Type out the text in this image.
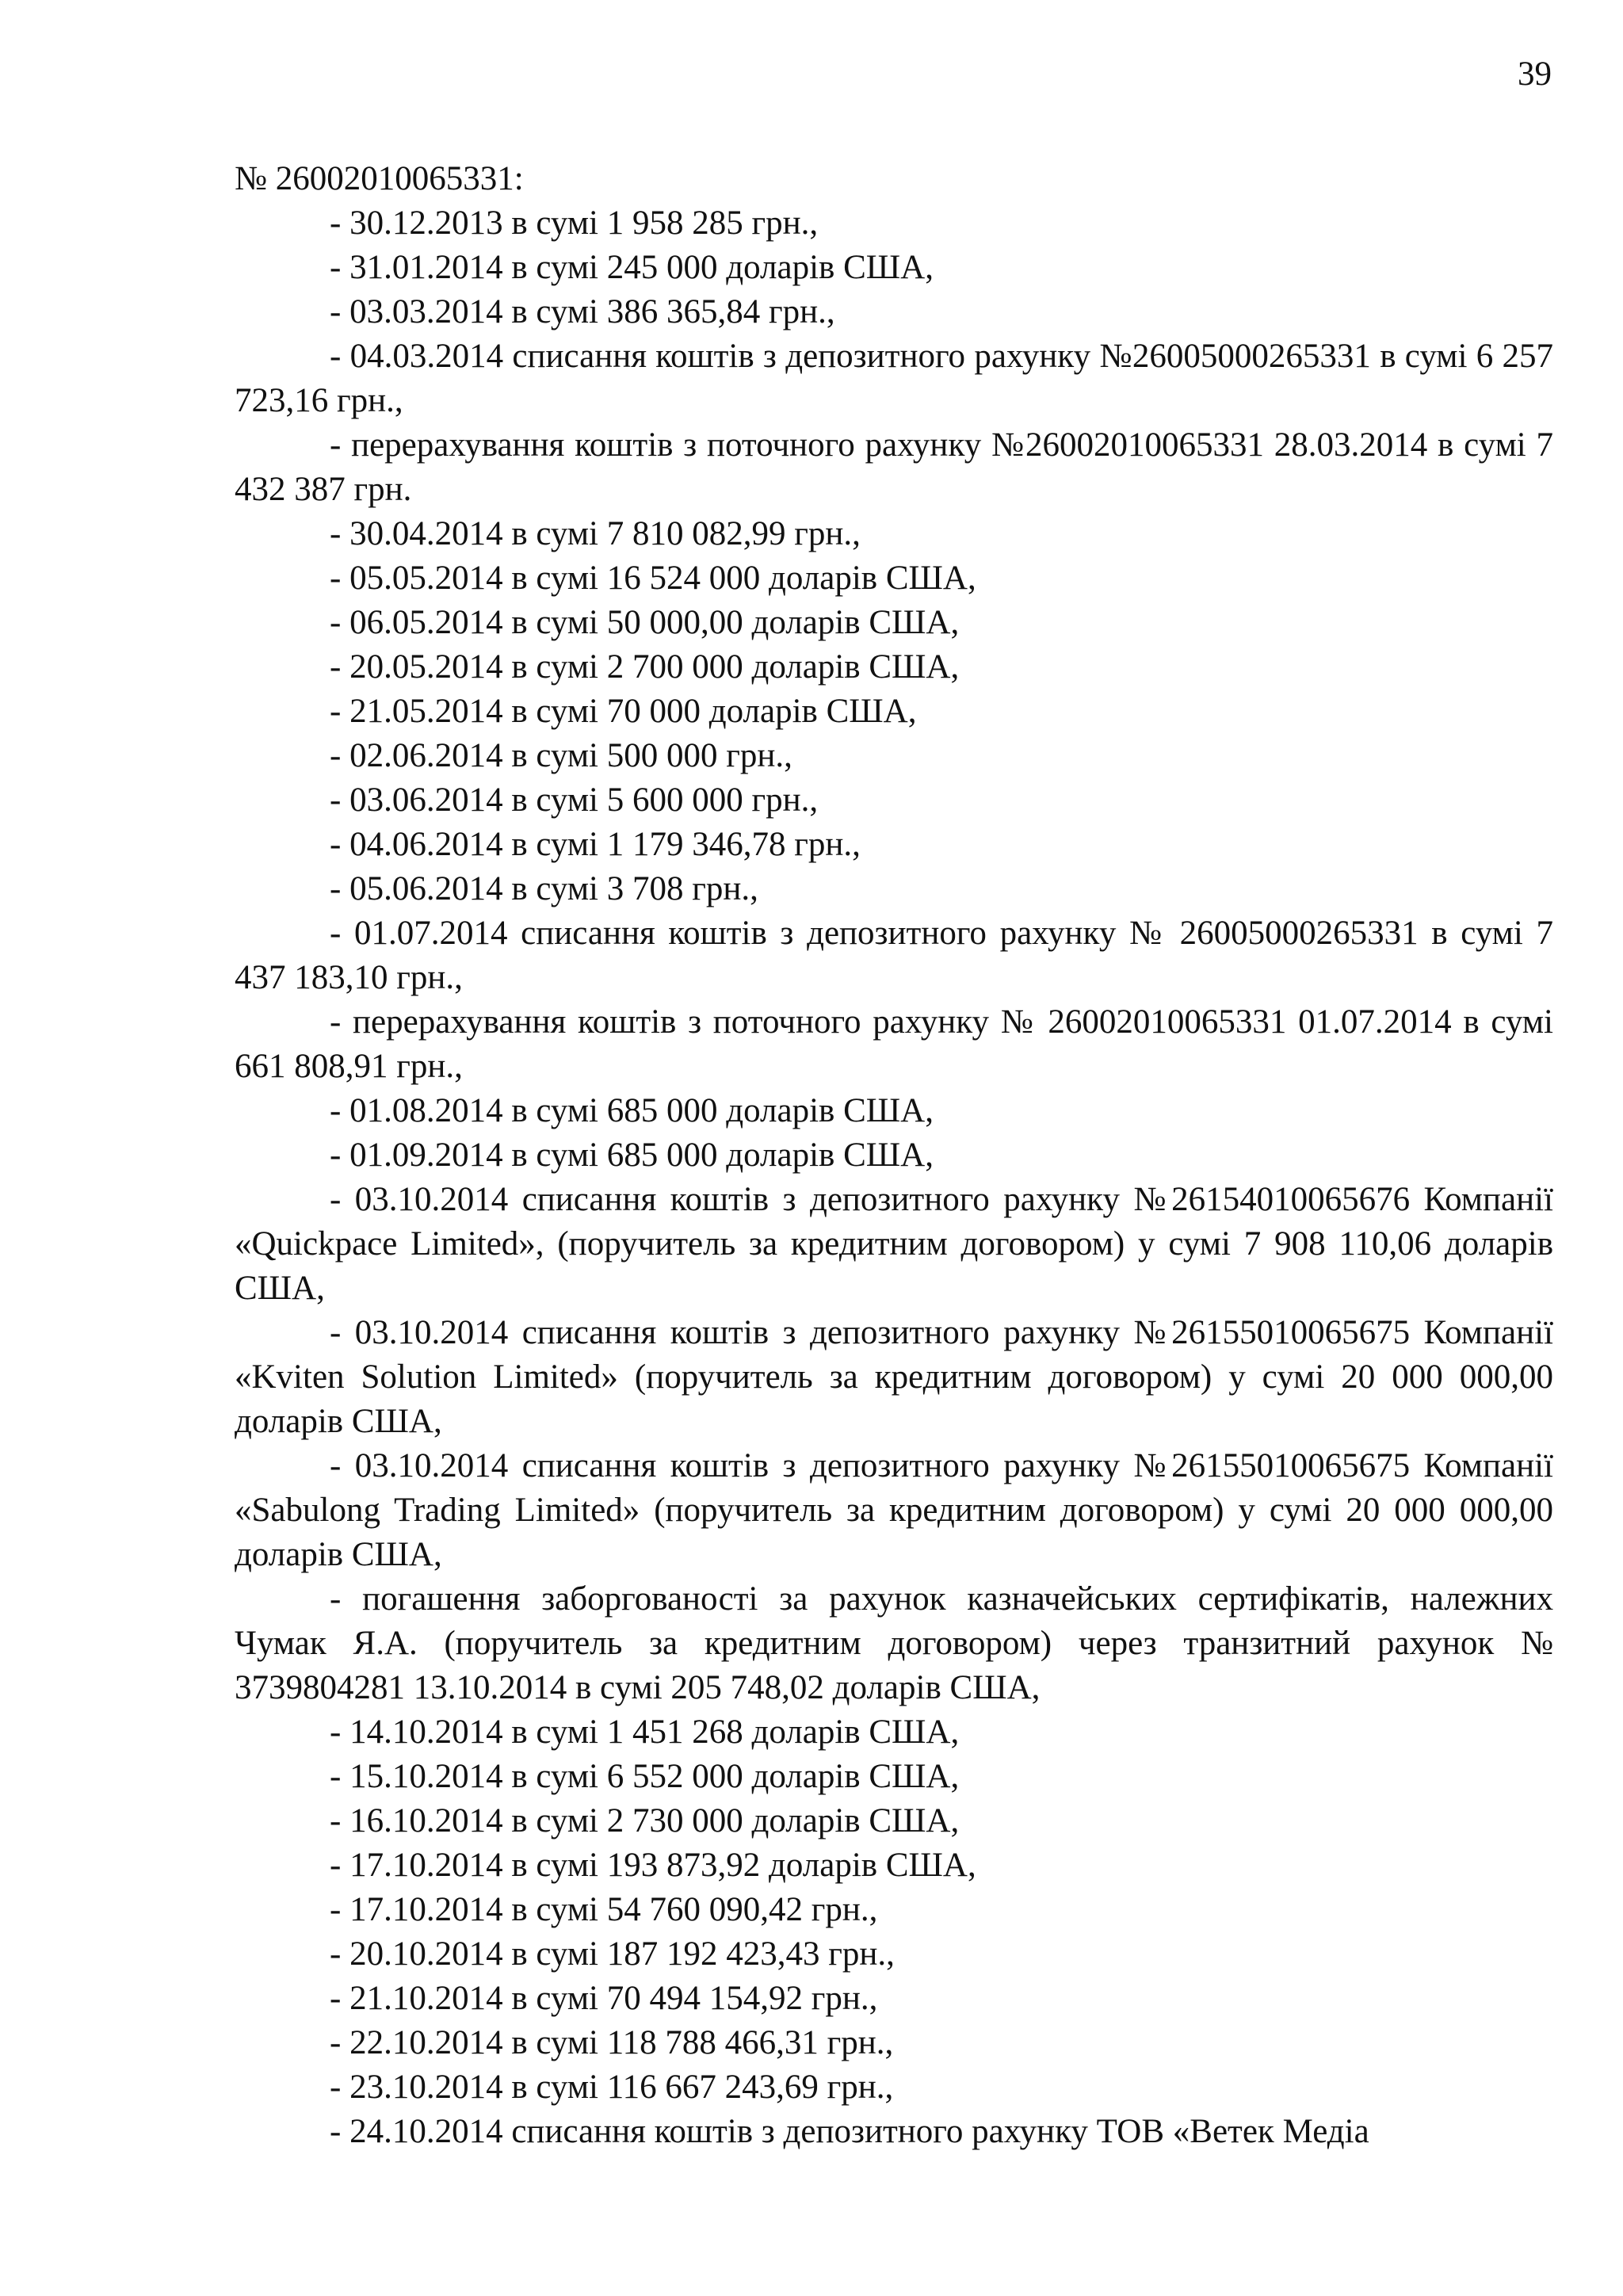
39

№ 26002010065331:

- 30.12.2013 в сумі 1 958 285 грн.,

- 31.01.2014 в сумі 245 000 доларів США,

- 03.03.2014 в сумі 386 365,84 грн.,

- 04.03.2014 списання коштів з депозитного рахунку №26005000265331 в сумі 6 257 723,16 грн.,

- перерахування коштів з поточного рахунку №26002010065331 28.03.2014 в сумі 7 432 387 грн.

- 30.04.2014 в сумі 7 810 082,99 грн.,

- 05.05.2014 в сумі 16 524 000 доларів США,

- 06.05.2014 в сумі 50 000,00 доларів США,

- 20.05.2014 в сумі 2 700 000 доларів США,

- 21.05.2014 в сумі 70 000 доларів США,

- 02.06.2014 в сумі 500 000 грн.,

- 03.06.2014 в сумі 5 600 000 грн.,

- 04.06.2014 в сумі 1 179 346,78 грн.,

- 05.06.2014 в сумі 3 708 грн.,

- 01.07.2014 списання коштів з депозитного рахунку № 26005000265331 в сумі 7 437 183,10 грн.,

- перерахування коштів з поточного рахунку № 26002010065331 01.07.2014 в сумі 661 808,91 грн.,

- 01.08.2014 в сумі 685 000 доларів США,

- 01.09.2014 в сумі 685 000 доларів США,

- 03.10.2014 списання коштів з депозитного рахунку №26154010065676 Компанії «Quickpace Limited», (поручитель за кредитним договором) у сумі 7 908 110,06 доларів США,

- 03.10.2014 списання коштів з депозитного рахунку №26155010065675 Компанії «Kviten Solution Limited» (поручитель за кредитним договором) у сумі 20 000 000,00 доларів США,

- 03.10.2014 списання коштів з депозитного рахунку №26155010065675 Компанії «Sabulong Trading Limited» (поручитель за кредитним договором) у сумі 20 000 000,00 доларів США,

- погашення заборгованості за рахунок казначейських сертифікатів, належних Чумак Я.А. (поручитель за кредитним договором) через транзитний рахунок № 3739804281 13.10.2014 в сумі 205 748,02 доларів США,

- 14.10.2014 в сумі 1 451 268 доларів США,

- 15.10.2014 в сумі 6 552 000 доларів США,

- 16.10.2014 в сумі 2 730 000 доларів США,

- 17.10.2014 в сумі 193 873,92 доларів США,

- 17.10.2014 в сумі 54 760 090,42 грн.,

- 20.10.2014 в сумі 187 192 423,43 грн.,

- 21.10.2014 в сумі 70 494 154,92 грн.,

- 22.10.2014 в сумі 118 788 466,31 грн.,

- 23.10.2014 в сумі 116 667 243,69 грн.,

- 24.10.2014 списання коштів з депозитного рахунку ТОВ «Ветек Медіа
